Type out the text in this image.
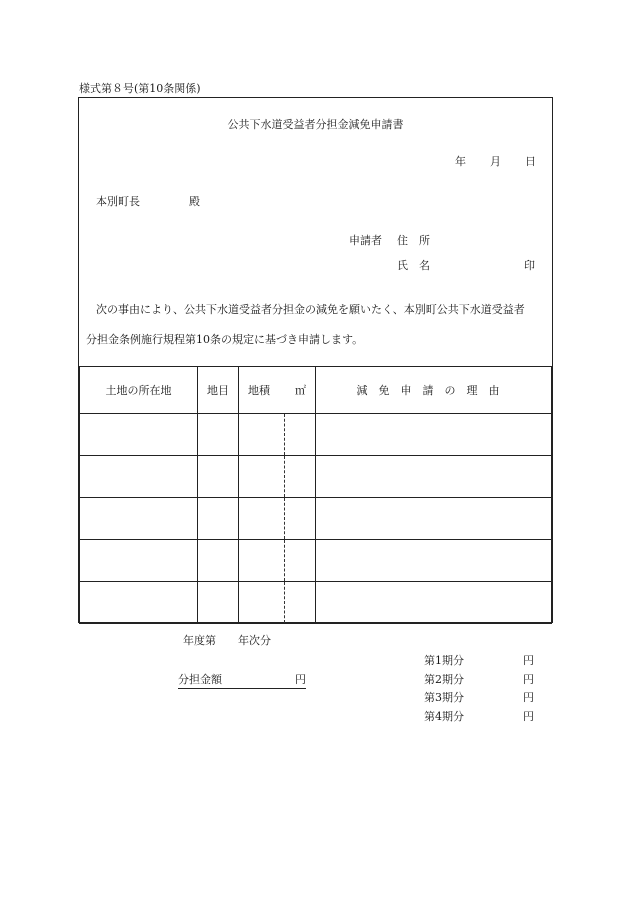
様式第８号(第10条関係)
公共下水道受益者分担金減免申請書
年 月 日
本別町長	殿
申請者 住　所
氏　名	印

次の事由により、公共下水道受益者分担金の減免を願いたく、本別町公共下水道受益者

分担金条例施行規程第10条の規定に基づき申請します。

土地の所在地	地目	地積 ㎡		減免申請の理由

年度第　　年次分
分担金額	円
第1期分	円
第2期分	円
第3期分	円
第4期分	円
